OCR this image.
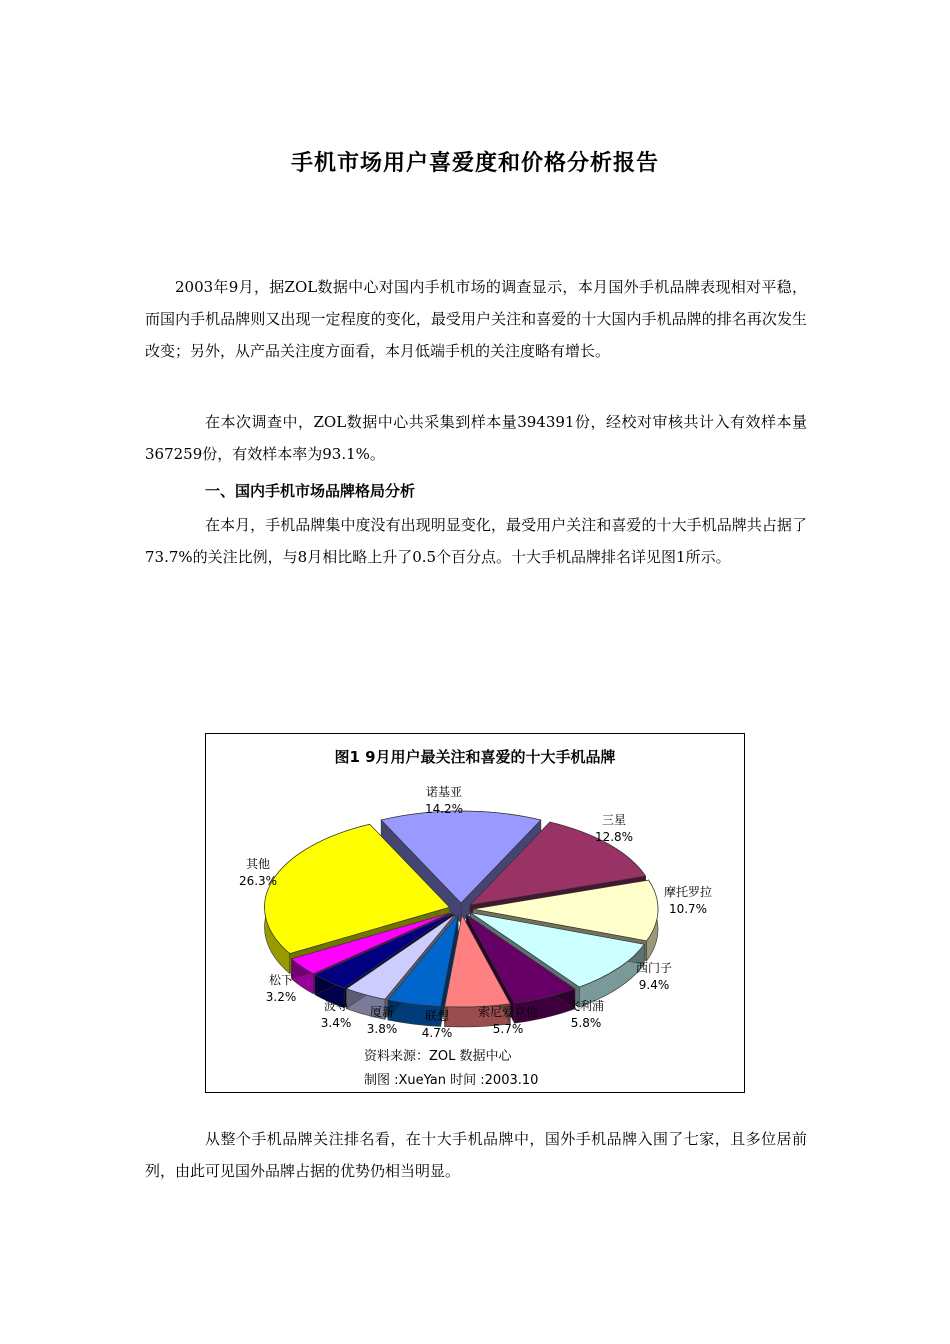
手机市场用户喜爱度和价格分析报告
2003年9月，据ZOL数据中心对国内手机市场的调查显示，本月国外手机品牌表现相对平稳，而国内手机品牌则又出现一定程度的变化，最受用户关注和喜爱的十大国内手机品牌的排名再次发生改变；另外，从产品关注度方面看，本月低端手机的关注度略有增长。
在本次调查中，ZOL数据中心共采集到样本量394391份，经校对审核共计入有效样本量367259份，有效样本率为93.1%。
一、国内手机市场品牌格局分析
在本月，手机品牌集中度没有出现明显变化，最受用户关注和喜爱的十大手机品牌共占据了73.7%的关注比例，与8月相比略上升了0.5个百分点。十大手机品牌排名详见图1所示。
图1 9月用户最关注和喜爱的十大手机品牌
诺基亚
14.2%
三星
12.8%
摩托罗拉
10.7%
西门子
9.4%
飞利浦
5.8%
索尼爱立信
5.7%
联想
4.7%
厦新
3.8%
波导
3.4%
松下
3.2%
其他
26.3%
资料来源：ZOL 数据中心
制图 :XueYan 时间 :2003.10
从整个手机品牌关注排名看，在十大手机品牌中，国外手机品牌入围了七家，且多位居前列，由此可见国外品牌占据的优势仍相当明显。
